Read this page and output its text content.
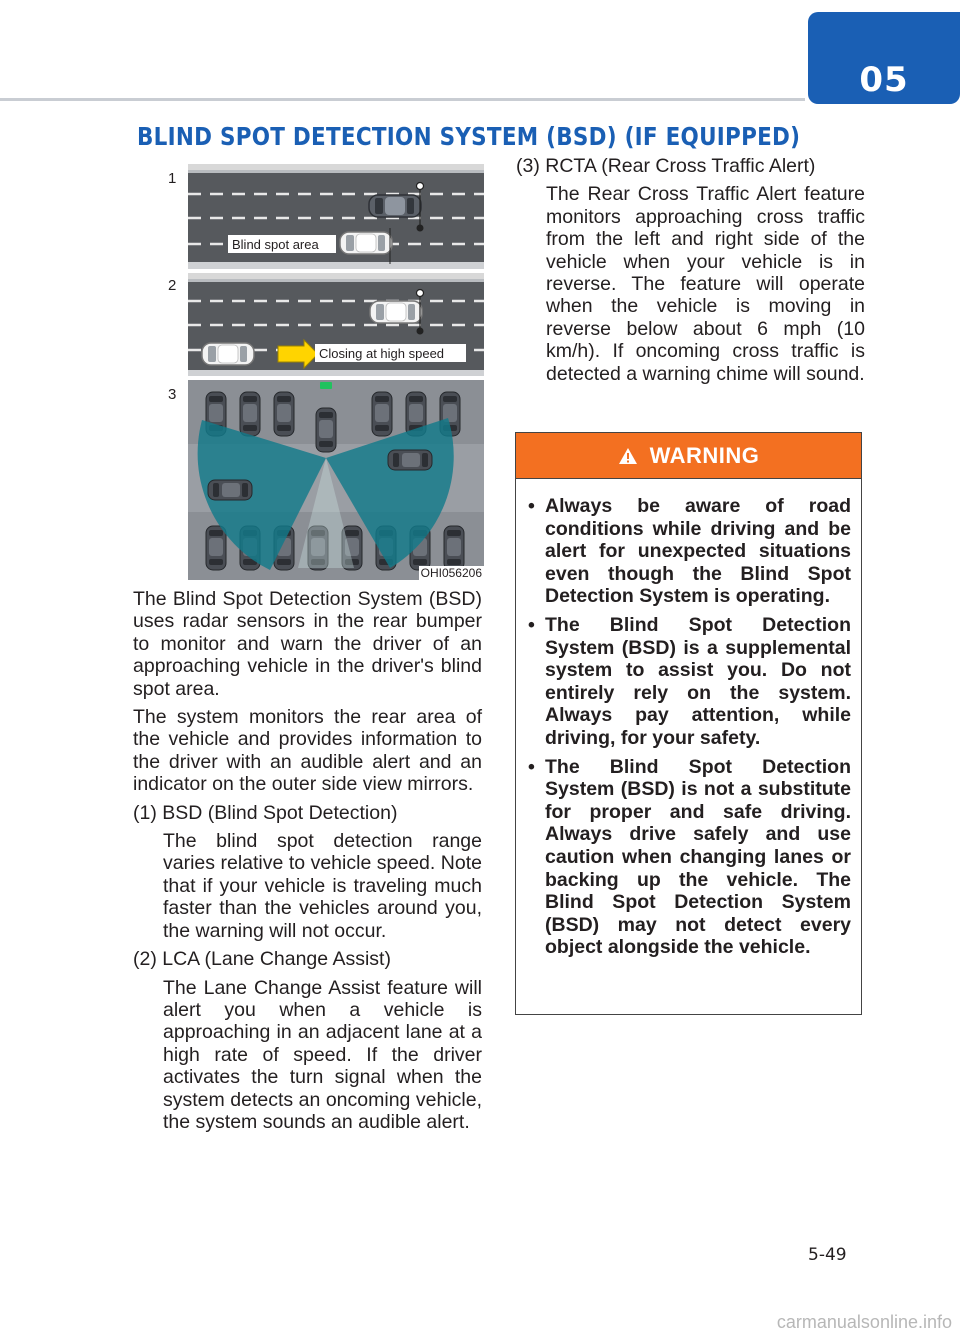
05
BLIND SPOT DETECTION SYSTEM (BSD) (IF EQUIPPED)
1
2
3
Blind spot area
Closing at high speed
OHI056206

The Blind Spot Detection System (BSD) uses radar sensors in the rear bumper to monitor and warn the driver of an approaching vehicle in the driver's blind spot area.

The system monitors the rear area of the vehicle and provides information to the driver with an audible alert and an indicator on the outer side view mirrors.

(1) BSD (Blind Spot Detection)

The blind spot detection range varies relative to vehicle speed. Note that if your vehicle is traveling much faster than the vehicles around you, the warning will not occur.

(2) LCA (Lane Change Assist)

The Lane Change Assist feature will alert you when a vehicle is approaching in an adjacent lane at a high rate of speed. If the driver activates the turn signal when the system detects an oncoming vehicle, the system sounds an audible alert.

(3) RCTA (Rear Cross Traffic Alert)

The Rear Cross Traffic Alert feature monitors approaching cross traffic from the left and right side of the vehicle when your vehicle is in reverse. The feature will operate when the vehicle is moving in reverse below about 6 mph (10 km/h). If oncoming cross traffic is detected a warning chime will sound.

WARNING
• Always be aware of road conditions while driving and be alert for unexpected situations even though the Blind Spot Detection System is operating.
• The Blind Spot Detection System (BSD) is a supplemental system to assist you. Do not entirely rely on the system. Always pay attention, while driving, for your safety.
• The Blind Spot Detection System (BSD) is not a substitute for proper and safe driving. Always drive safely and use caution when changing lanes or backing up the vehicle. The Blind Spot Detection System (BSD) may not detect every object alongside the vehicle.
5-49
carmanualsonline.info
